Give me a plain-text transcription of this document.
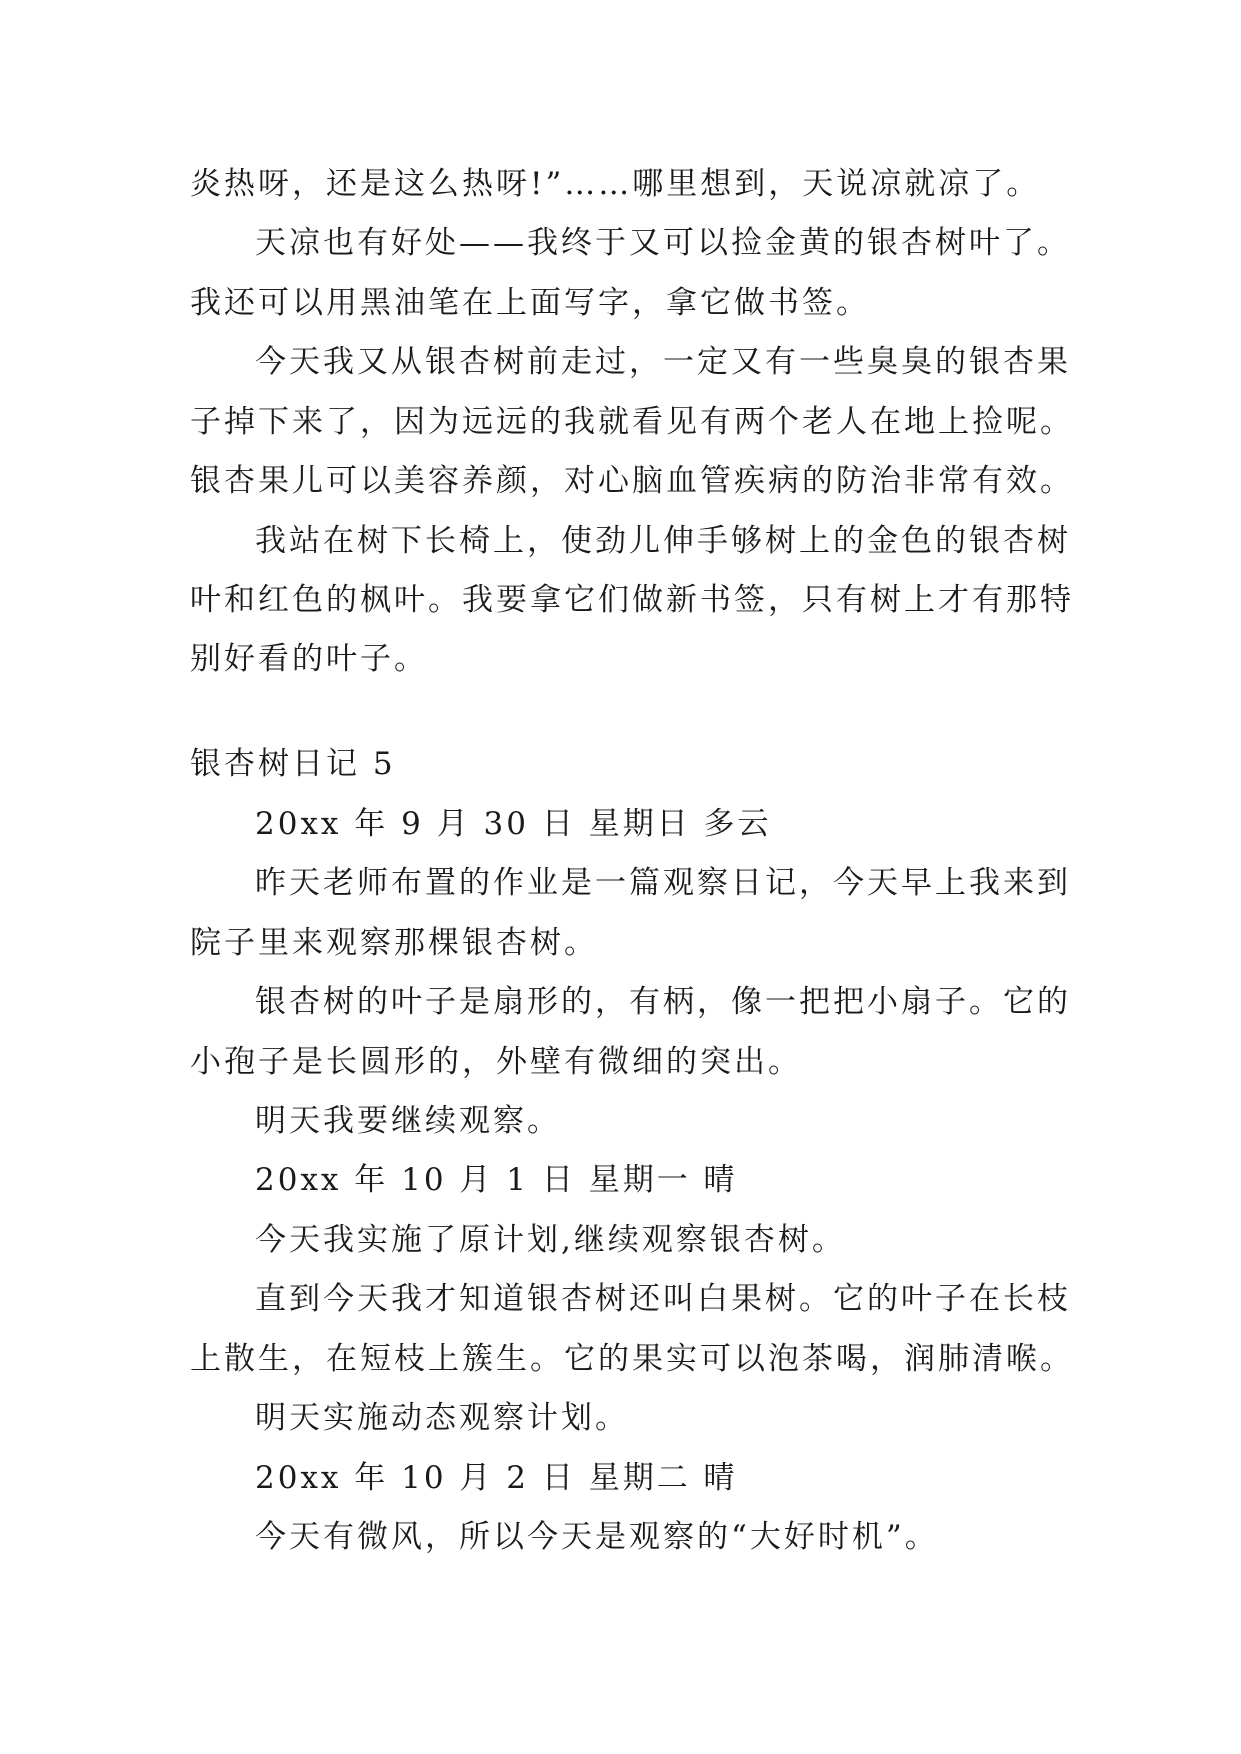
炎热呀，还是这么热呀!”……哪里想到，天说凉就凉了。
天凉也有好处——我终于又可以捡金黄的银杏树叶了。
我还可以用黑油笔在上面写字，拿它做书签。
今天我又从银杏树前走过，一定又有一些臭臭的银杏果
子掉下来了，因为远远的我就看见有两个老人在地上捡呢。
银杏果儿可以美容养颜，对心脑血管疾病的防治非常有效。
我站在树下长椅上，使劲儿伸手够树上的金色的银杏树
叶和红色的枫叶。我要拿它们做新书签，只有树上才有那特
别好看的叶子。
银杏树日记 5
20xx 年 9 月 30 日 星期日 多云
昨天老师布置的作业是一篇观察日记，今天早上我来到
院子里来观察那棵银杏树。
银杏树的叶子是扇形的，有柄，像一把把小扇子。它的
小孢子是长圆形的，外壁有微细的突出。
明天我要继续观察。
20xx 年 10 月 1 日 星期一 晴
今天我实施了原计划,继续观察银杏树。
直到今天我才知道银杏树还叫白果树。它的叶子在长枝
上散生，在短枝上簇生。它的果实可以泡茶喝，润肺清喉。
明天实施动态观察计划。
20xx 年 10 月 2 日 星期二 晴
今天有微风，所以今天是观察的“大好时机”。
